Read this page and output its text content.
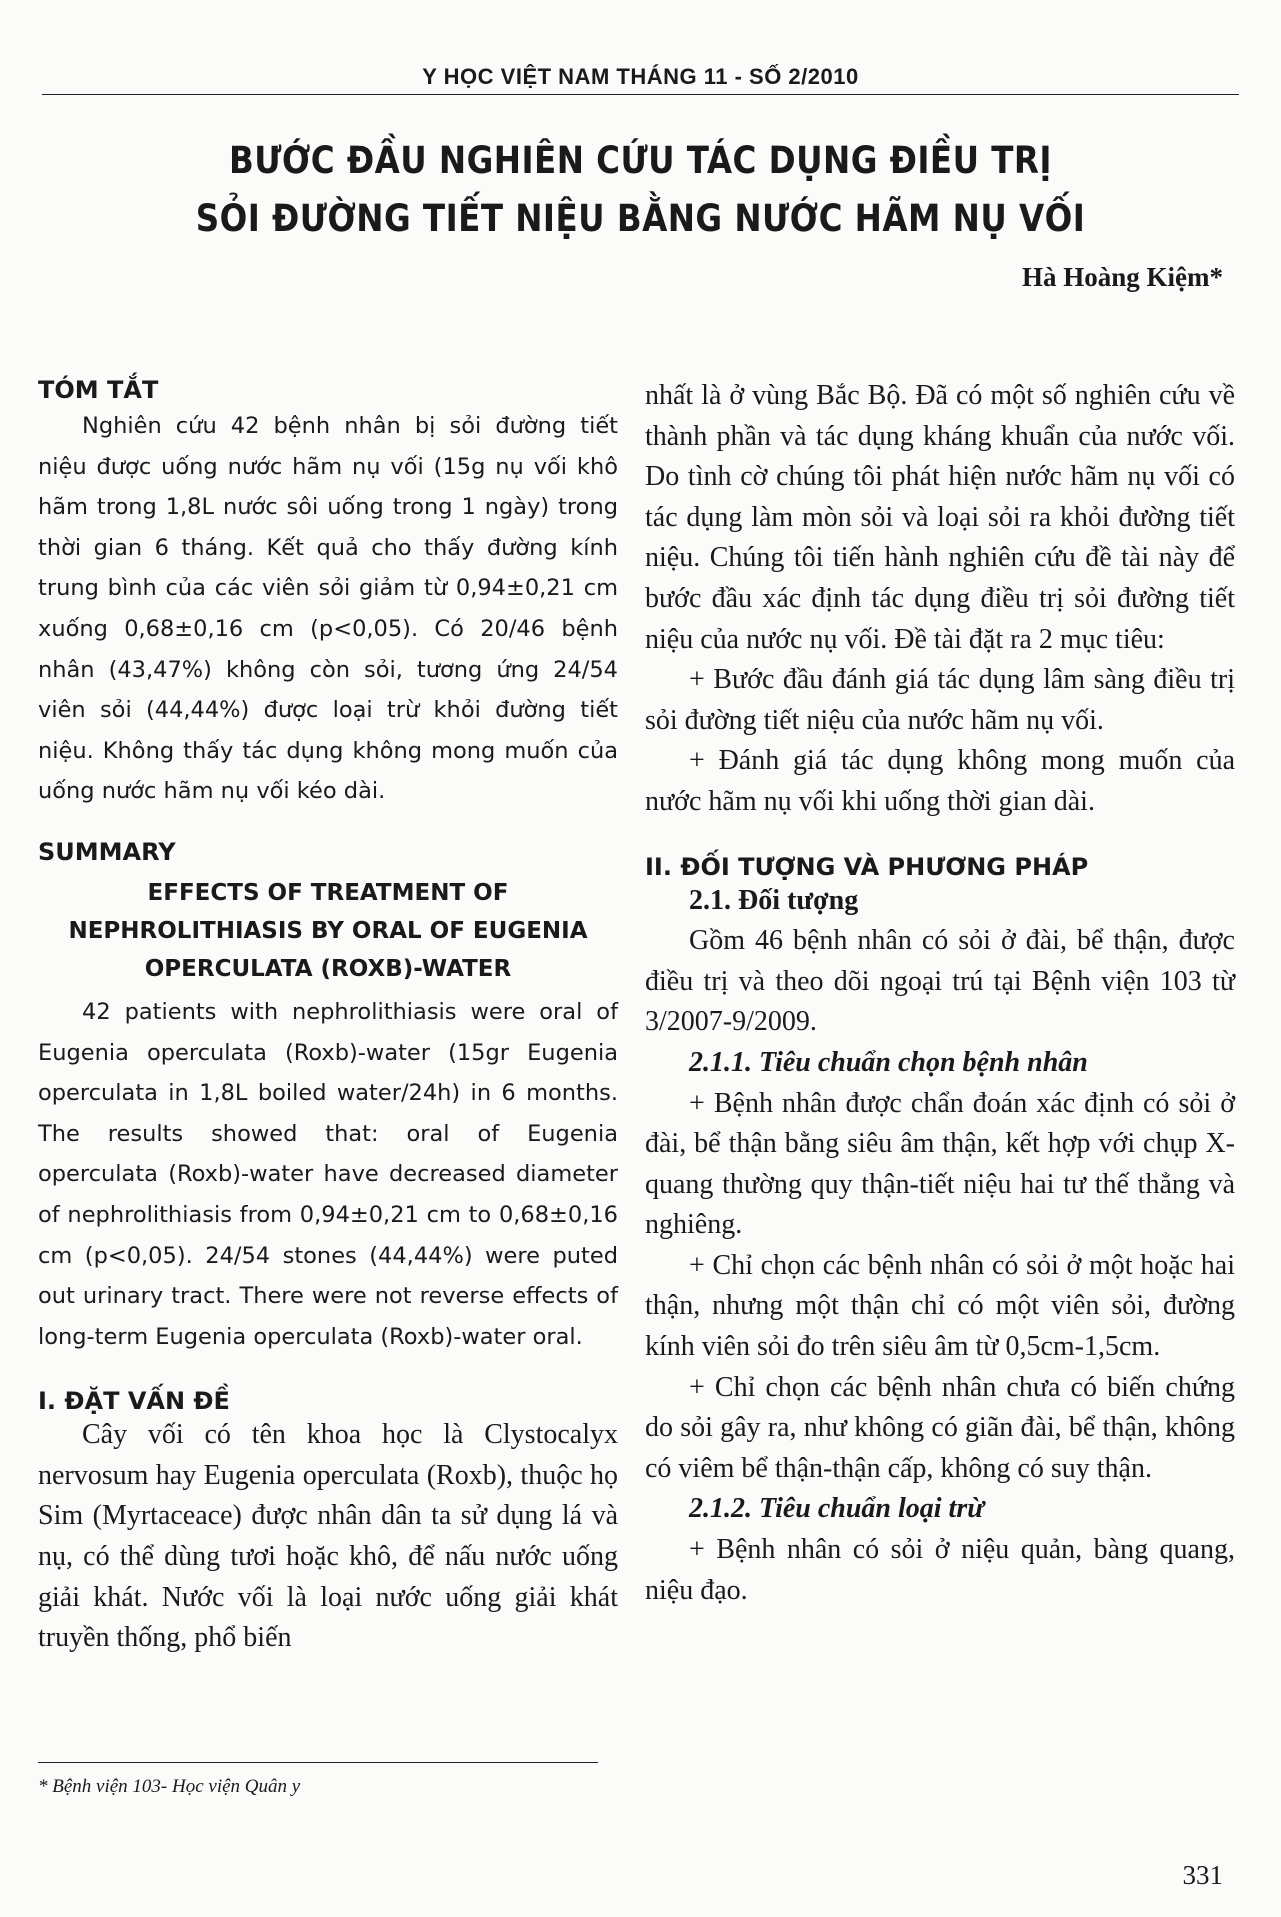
Y HỌC VIỆT NAM THÁNG 11 - SỐ 2/2010
BƯỚC ĐẦU NGHIÊN CỨU TÁC DỤNG ĐIỀU TRỊ
SỎI ĐƯỜNG TIẾT NIỆU BẰNG NƯỚC HÃM NỤ VỐI
Hà Hoàng Kiệm*
TÓM TẮT

Nghiên cứu 42 bệnh nhân bị sỏi đường tiết niệu được uống nước hãm nụ vối (15g nụ vối khô hãm trong 1,8L nước sôi uống trong 1 ngày) trong thời gian 6 tháng. Kết quả cho thấy đường kính trung bình của các viên sỏi giảm từ 0,94±0,21 cm xuống 0,68±0,16 cm (p<0,05). Có 20/46 bệnh nhân (43,47%) không còn sỏi, tương ứng 24/54 viên sỏi (44,44%) được loại trừ khỏi đường tiết niệu. Không thấy tác dụng không mong muốn của uống nước hãm nụ vối kéo dài.

SUMMARY
EFFECTS OF TREATMENT OF
NEPHROLITHIASIS BY ORAL OF EUGENIA
OPERCULATA (ROXB)-WATER

42 patients with nephrolithiasis were oral of Eugenia operculata (Roxb)-water (15gr Eugenia operculata in 1,8L boiled water/24h) in 6 months. The results showed that: oral of Eugenia operculata (Roxb)-water have decreased diameter of nephrolithiasis from 0,94±0,21 cm to 0,68±0,16 cm (p<0,05). 24/54 stones (44,44%) were puted out urinary tract. There were not reverse effects of long-term Eugenia operculata (Roxb)-water oral.

I. ĐẶT VẤN ĐỀ

Cây vối có tên khoa học là Clystocalyx nervosum hay Eugenia operculata (Roxb), thuộc họ Sim (Myrtaceace) được nhân dân ta sử dụng lá và nụ, có thể dùng tươi hoặc khô, để nấu nước uống giải khát. Nước vối là loại nước uống giải khát truyền thống, phổ biến

nhất là ở vùng Bắc Bộ. Đã có một số nghiên cứu về thành phần và tác dụng kháng khuẩn của nước vối. Do tình cờ chúng tôi phát hiện nước hãm nụ vối có tác dụng làm mòn sỏi và loại sỏi ra khỏi đường tiết niệu. Chúng tôi tiến hành nghiên cứu đề tài này để bước đầu xác định tác dụng điều trị sỏi đường tiết niệu của nước nụ vối. Đề tài đặt ra 2 mục tiêu:

+ Bước đầu đánh giá tác dụng lâm sàng điều trị sỏi đường tiết niệu của nước hãm nụ vối.

+ Đánh giá tác dụng không mong muốn của nước hãm nụ vối khi uống thời gian dài.

II. ĐỐI TƯỢNG VÀ PHƯƠNG PHÁP
2.1. Đối tượng

Gồm 46 bệnh nhân có sỏi ở đài, bể thận, được điều trị và theo dõi ngoại trú tại Bệnh viện 103 từ 3/2007-9/2009.

2.1.1. Tiêu chuẩn chọn bệnh nhân

+ Bệnh nhân được chẩn đoán xác định có sỏi ở đài, bể thận bằng siêu âm thận, kết hợp với chụp X-quang thường quy thận-tiết niệu hai tư thế thẳng và nghiêng.

+ Chỉ chọn các bệnh nhân có sỏi ở một hoặc hai thận, nhưng một thận chỉ có một viên sỏi, đường kính viên sỏi đo trên siêu âm từ 0,5cm-1,5cm.

+ Chỉ chọn các bệnh nhân chưa có biến chứng do sỏi gây ra, như không có giãn đài, bể thận, không có viêm bể thận-thận cấp, không có suy thận.

2.1.2. Tiêu chuẩn loại trừ

+ Bệnh nhân có sỏi ở niệu quản, bàng quang, niệu đạo.

* Bệnh viện 103- Học viện Quân y
331
